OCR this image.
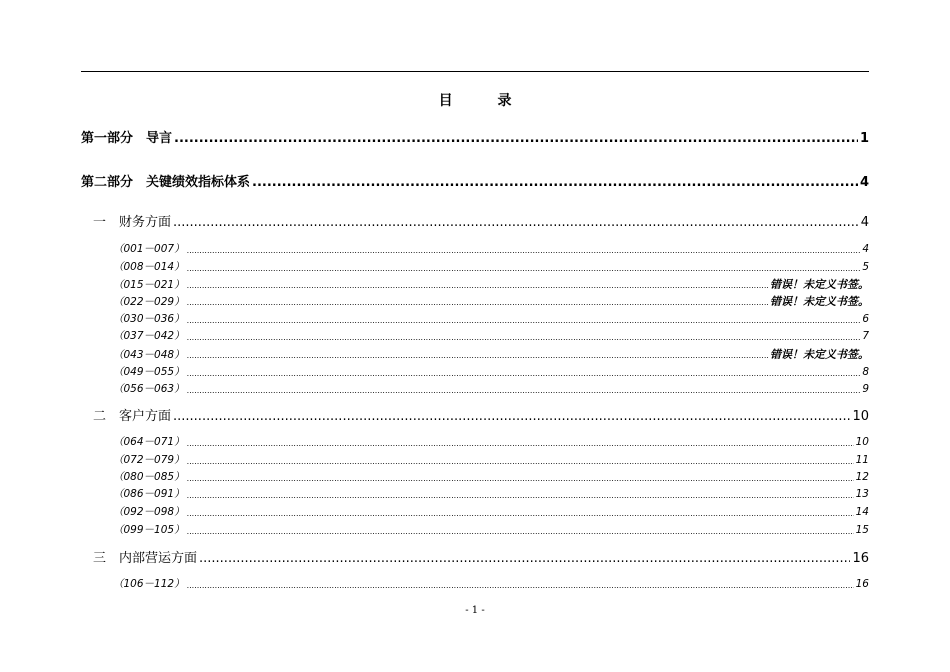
目	录
第一部分　导言 .....	1
第二部分　关键绩效指标体系 .....	4
一　财务方面 .....	4
（001－007） .....	4
（008－014） .....	5
（015－021） .....	错误！未定义书签。
（022－029） .....	错误！未定义书签。
（030－036） .....	6
（037－042） .....	7
（043－048） .....	错误！未定义书签。
（049－055） .....	8
（056－063） .....	9
二　客户方面 .....	10
（064－071） .....	10
（072－079） .....	11
（080－085） .....	12
（086－091） .....	13
（092－098） .....	14
（099－105） .....	15
三　内部营运方面 .....	16
（106－112） .....	16
- 1 -
